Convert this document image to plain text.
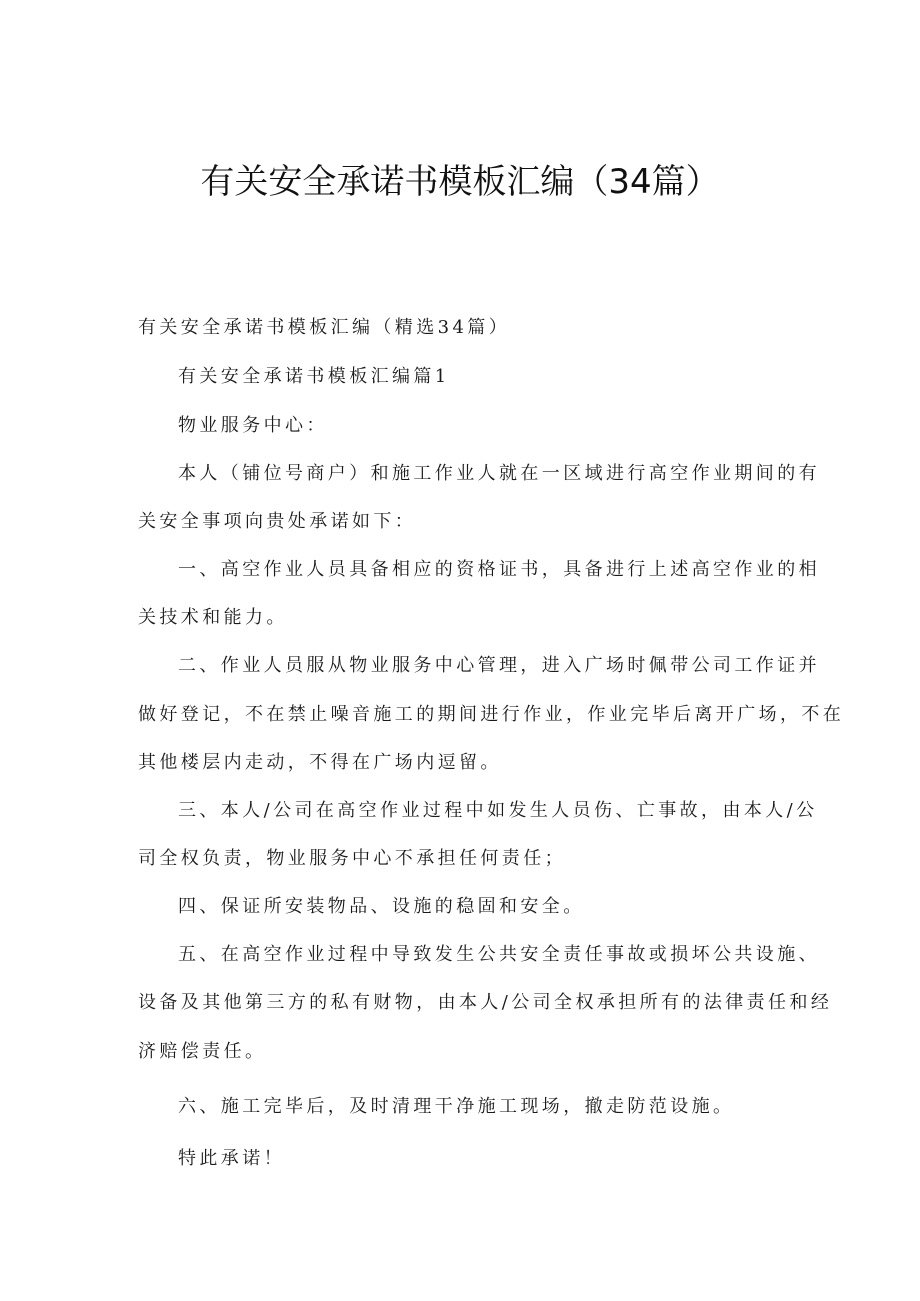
有关安全承诺书模板汇编（34篇）
有关安全承诺书模板汇编（精选34篇）
有关安全承诺书模板汇编篇1
物业服务中心：
本人（铺位号商户）和施工作业人就在一区域进行高空作业期间的有
关安全事项向贵处承诺如下：
一、高空作业人员具备相应的资格证书，具备进行上述高空作业的相
关技术和能力。
二、作业人员服从物业服务中心管理，进入广场时佩带公司工作证并
做好登记，不在禁止噪音施工的期间进行作业，作业完毕后离开广场，不在
其他楼层内走动，不得在广场内逗留。
三、本人/公司在高空作业过程中如发生人员伤、亡事故，由本人/公
司全权负责，物业服务中心不承担任何责任；
四、保证所安装物品、设施的稳固和安全。
五、在高空作业过程中导致发生公共安全责任事故或损坏公共设施、
设备及其他第三方的私有财物，由本人/公司全权承担所有的法律责任和经
济赔偿责任。
六、施工完毕后，及时清理干净施工现场，撤走防范设施。
特此承诺！
